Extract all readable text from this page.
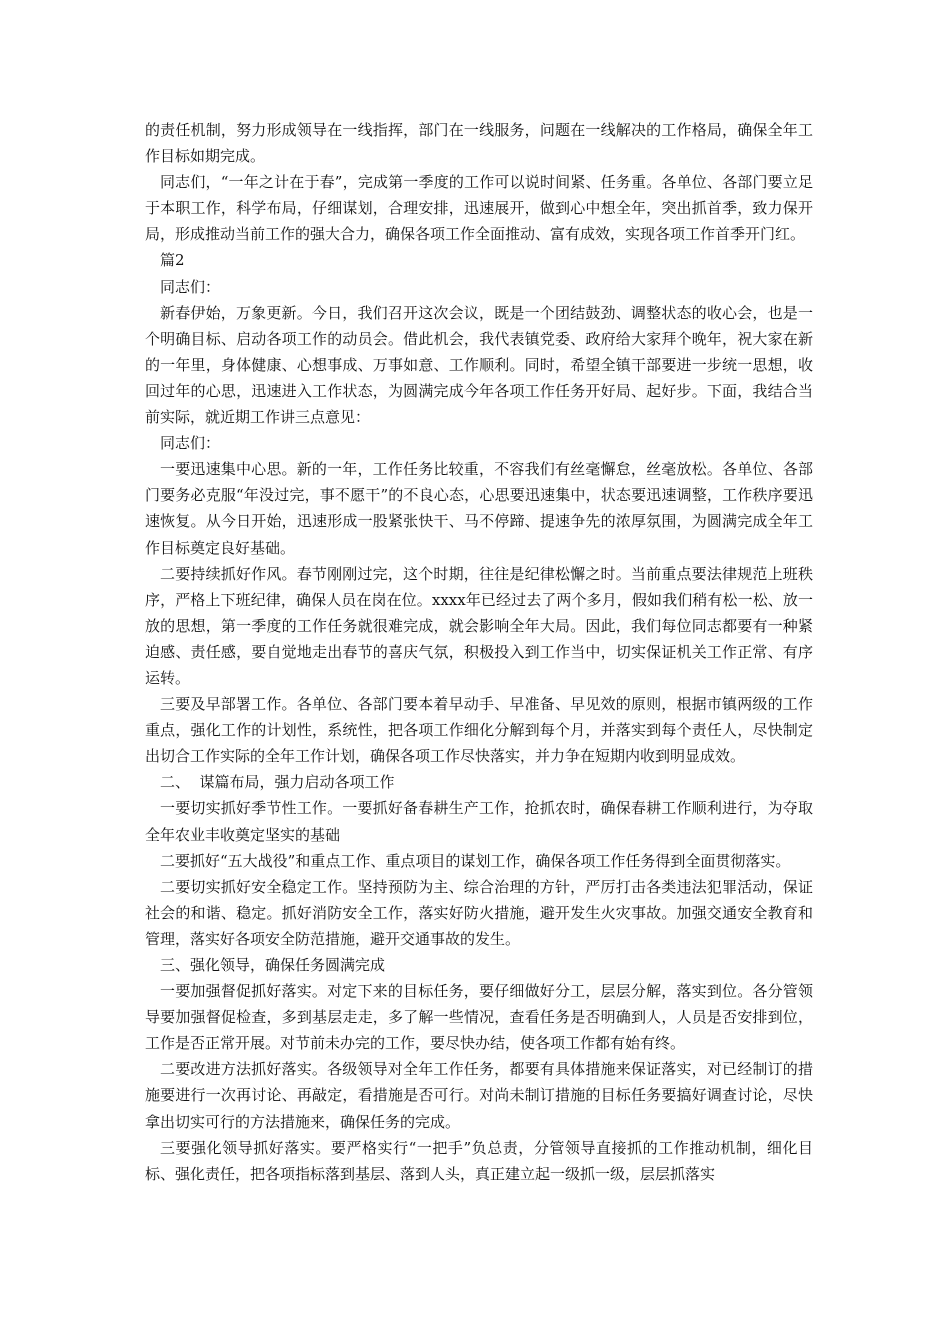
的责任机制，努力形成领导在一线指挥，部门在一线服务，问题在一线解决的工作格局，确保全年工作目标如期完成。

同志们，“一年之计在于春”，完成第一季度的工作可以说时间紧、任务重。各单位、各部门要立足于本职工作，科学布局，仔细谋划，合理安排，迅速展开，做到心中想全年，突出抓首季，致力保开局，形成推动当前工作的强大合力，确保各项工作全面推动、富有成效，实现各项工作首季开门红。

篇2

同志们：

新春伊始，万象更新。今日，我们召开这次会议，既是一个团结鼓劲、调整状态的收心会，也是一个明确目标、启动各项工作的动员会。借此机会，我代表镇党委、政府给大家拜个晚年，祝大家在新的一年里，身体健康、心想事成、万事如意、工作顺利。同时，希望全镇干部要进一步统一思想，收回过年的心思，迅速进入工作状态，为圆满完成今年各项工作任务开好局、起好步。下面，我结合当前实际，就近期工作讲三点意见：

同志们：

一要迅速集中心思。新的一年，工作任务比较重，不容我们有丝毫懈怠，丝毫放松。各单位、各部门要务必克服“年没过完，事不愿干”的不良心态，心思要迅速集中，状态要迅速调整，工作秩序要迅速恢复。从今日开始，迅速形成一股紧张快干、马不停蹄、提速争先的浓厚氛围，为圆满完成全年工作目标奠定良好基础。

二要持续抓好作风。春节刚刚过完，这个时期，往往是纪律松懈之时。当前重点要法律规范上班秩序，严格上下班纪律，确保人员在岗在位。xxxx年已经过去了两个多月，假如我们稍有松一松、放一放的思想，第一季度的工作任务就很难完成，就会影响全年大局。因此，我们每位同志都要有一种紧迫感、责任感，要自觉地走出春节的喜庆气氛，积极投入到工作当中，切实保证机关工作正常、有序运转。

三要及早部署工作。各单位、各部门要本着早动手、早准备、早见效的原则，根据市镇两级的工作重点，强化工作的计划性，系统性，把各项工作细化分解到每个月，并落实到每个责任人，尽快制定出切合工作实际的全年工作计划，确保各项工作尽快落实，并力争在短期内收到明显成效。

二、  谋篇布局，强力启动各项工作

一要切实抓好季节性工作。一要抓好备春耕生产工作，抢抓农时，确保春耕工作顺利进行，为夺取全年农业丰收奠定坚实的基础

二要抓好“五大战役”和重点工作、重点项目的谋划工作，确保各项工作任务得到全面贯彻落实。

二要切实抓好安全稳定工作。坚持预防为主、综合治理的方针，严厉打击各类违法犯罪活动，保证社会的和谐、稳定。抓好消防安全工作，落实好防火措施，避开发生火灾事故。加强交通安全教育和管理，落实好各项安全防范措施，避开交通事故的发生。

三、强化领导，确保任务圆满完成

一要加强督促抓好落实。对定下来的目标任务，要仔细做好分工，层层分解，落实到位。各分管领导要加强督促检查，多到基层走走，多了解一些情况，查看任务是否明确到人，人员是否安排到位，工作是否正常开展。对节前未办完的工作，要尽快办结，使各项工作都有始有终。

二要改进方法抓好落实。各级领导对全年工作任务，都要有具体措施来保证落实，对已经制订的措施要进行一次再讨论、再敲定，看措施是否可行。对尚未制订措施的目标任务要搞好调查讨论，尽快拿出切实可行的方法措施来，确保任务的完成。

三要强化领导抓好落实。要严格实行“一把手”负总责，分管领导直接抓的工作推动机制，细化目标、强化责任，把各项指标落到基层、落到人头，真正建立起一级抓一级，层层抓落实
